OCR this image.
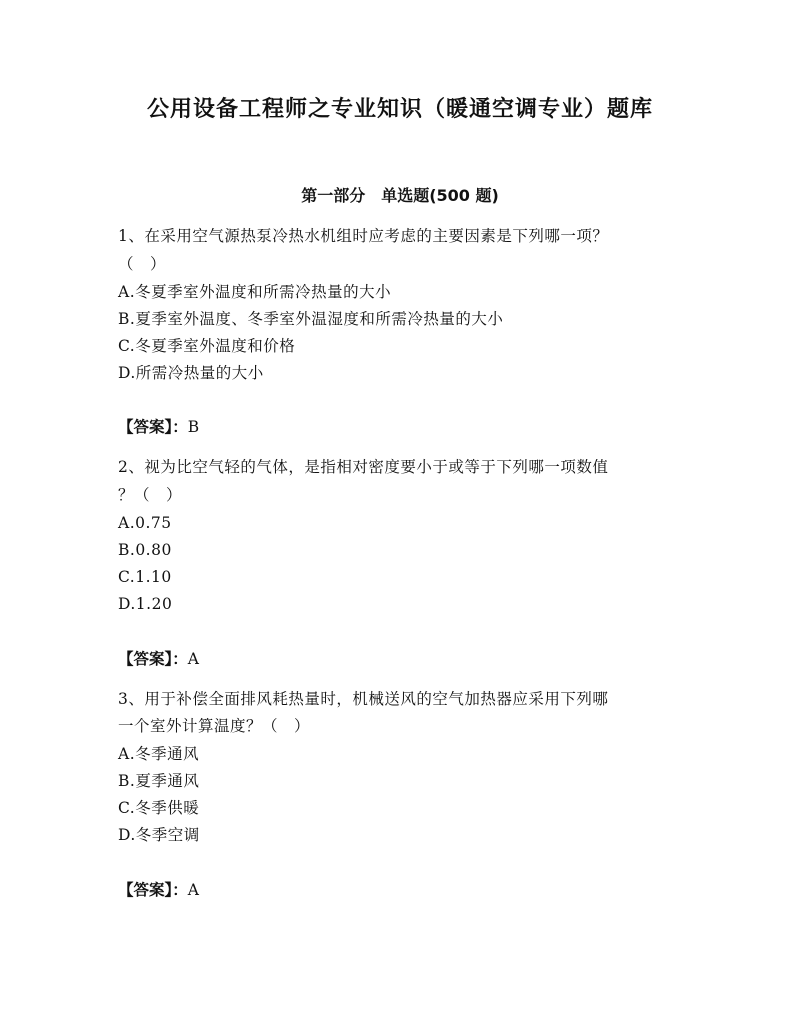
公用设备工程师之专业知识（暖通空调专业）题库
第一部分　单选题(500 题)
1、在采用空气源热泵冷热水机组时应考虑的主要因素是下列哪一项？
（　）
A.冬夏季室外温度和所需冷热量的大小
B.夏季室外温度、冬季室外温湿度和所需冷热量的大小
C.冬夏季室外温度和价格
D.所需冷热量的大小
【答案】：B
2、视为比空气轻的气体，是指相对密度要小于或等于下列哪一项数值
？（　）
A.0.75
B.0.80
C.1.10
D.1.20
【答案】：A
3、用于补偿全面排风耗热量时，机械送风的空气加热器应采用下列哪
一个室外计算温度？（　）
A.冬季通风
B.夏季通风
C.冬季供暖
D.冬季空调
【答案】：A
